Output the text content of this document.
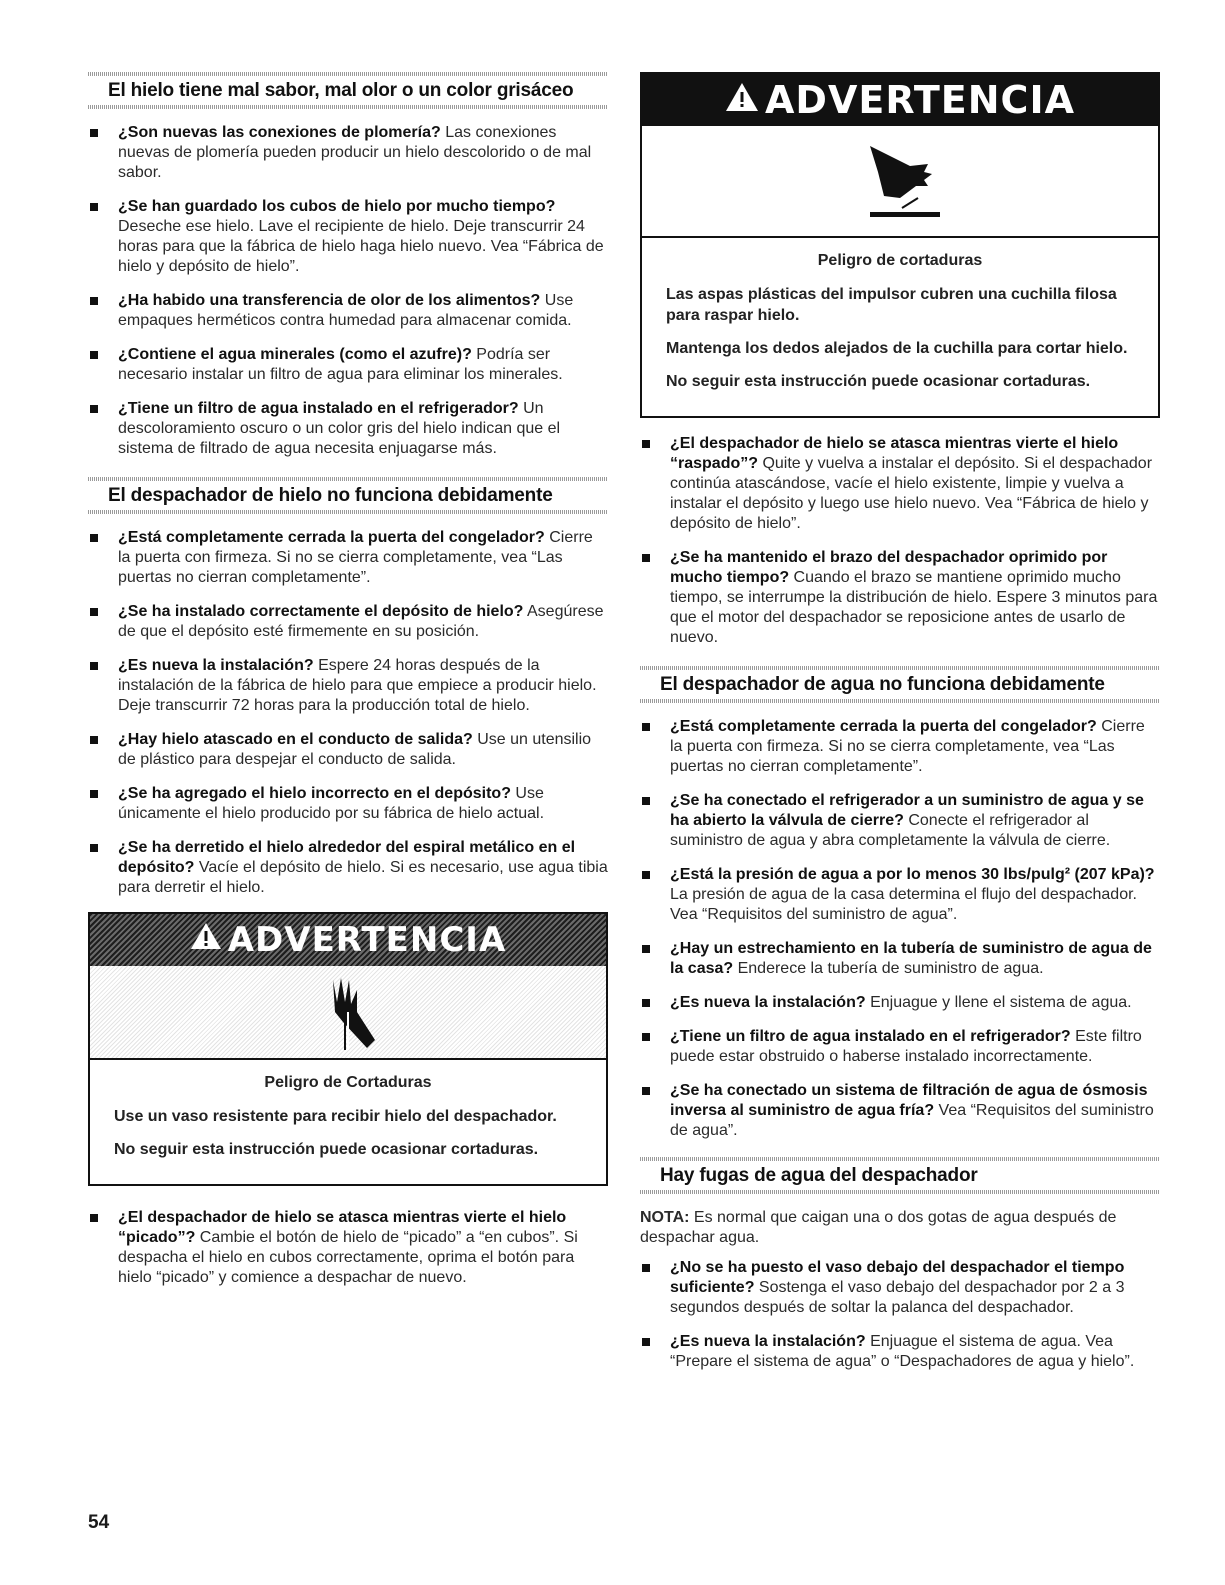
El hielo tiene mal sabor, mal olor o un color grisáceo
¿Son nuevas las conexiones de plomería? Las conexiones nuevas de plomería pueden producir un hielo descolorido o de mal sabor.
¿Se han guardado los cubos de hielo por mucho tiempo? Deseche ese hielo. Lave el recipiente de hielo. Deje transcurrir 24 horas para que la fábrica de hielo haga hielo nuevo. Vea “Fábrica de hielo y depósito de hielo”.
¿Ha habido una transferencia de olor de los alimentos? Use empaques herméticos contra humedad para almacenar comida.
¿Contiene el agua minerales (como el azufre)? Podría ser necesario instalar un filtro de agua para eliminar los minerales.
¿Tiene un filtro de agua instalado en el refrigerador? Un descoloramiento oscuro o un color gris del hielo indican que el sistema de filtrado de agua necesita enjuagarse más.
El despachador de hielo no funciona debidamente
¿Está completamente cerrada la puerta del congelador? Cierre la puerta con firmeza. Si no se cierra completamente, vea “Las puertas no cierran completamente”.
¿Se ha instalado correctamente el depósito de hielo? Asegúrese de que el depósito esté firmemente en su posición.
¿Es nueva la instalación? Espere 24 horas después de la instalación de la fábrica de hielo para que empiece a producir hielo. Deje transcurrir 72 horas para la producción total de hielo.
¿Hay hielo atascado en el conducto de salida? Use un utensilio de plástico para despejar el conducto de salida.
¿Se ha agregado el hielo incorrecto en el depósito? Use únicamente el hielo producido por su fábrica de hielo actual.
¿Se ha derretido el hielo alrededor del espiral metálico en el depósito? Vacíe el depósito de hielo. Si es necesario, use agua tibia para derretir el hielo.
ADVERTENCIA
Peligro de Cortaduras

Use un vaso resistente para recibir hielo del despachador.

No seguir esta instrucción puede ocasionar cortaduras.

¿El despachador de hielo se atasca mientras vierte el hielo “picado”? Cambie el botón de hielo de “picado” a “en cubos”. Si despacha el hielo en cubos correctamente, oprima el botón para hielo “picado” y comience a despachar de nuevo.
ADVERTENCIA
Peligro de cortaduras

Las aspas plásticas del impulsor cubren una cuchilla filosa para raspar hielo.

Mantenga los dedos alejados de la cuchilla para cortar hielo.

No seguir esta instrucción puede ocasionar cortaduras.

¿El despachador de hielo se atasca mientras vierte el hielo “raspado”? Quite y vuelva a instalar el depósito. Si el despachador continúa atascándose, vacíe el hielo existente, limpie y vuelva a instalar el depósito y luego use hielo nuevo. Vea “Fábrica de hielo y depósito de hielo”.
¿Se ha mantenido el brazo del despachador oprimido por mucho tiempo? Cuando el brazo se mantiene oprimido mucho tiempo, se interrumpe la distribución de hielo. Espere 3 minutos para que el motor del despachador se reposicione antes de usarlo de nuevo.
El despachador de agua no funciona debidamente
¿Está completamente cerrada la puerta del congelador? Cierre la puerta con firmeza. Si no se cierra completamente, vea “Las puertas no cierran completamente”.
¿Se ha conectado el refrigerador a un suministro de agua y se ha abierto la válvula de cierre? Conecte el refrigerador al suministro de agua y abra completamente la válvula de cierre.
¿Está la presión de agua a por lo menos 30 lbs/pulg² (207 kPa)? La presión de agua de la casa determina el flujo del despachador. Vea “Requisitos del suministro de agua”.
¿Hay un estrechamiento en la tubería de suministro de agua de la casa? Enderece la tubería de suministro de agua.
¿Es nueva la instalación? Enjuague y llene el sistema de agua.
¿Tiene un filtro de agua instalado en el refrigerador? Este filtro puede estar obstruido o haberse instalado incorrectamente.
¿Se ha conectado un sistema de filtración de agua de ósmosis inversa al suministro de agua fría? Vea “Requisitos del suministro de agua”.
Hay fugas de agua del despachador

NOTA: Es normal que caigan una o dos gotas de agua después de despachar agua.

¿No se ha puesto el vaso debajo del despachador el tiempo suficiente? Sostenga el vaso debajo del despachador por 2 a 3 segundos después de soltar la palanca del despachador.
¿Es nueva la instalación? Enjuague el sistema de agua. Vea “Prepare el sistema de agua” o “Despachadores de agua y hielo”.
54
